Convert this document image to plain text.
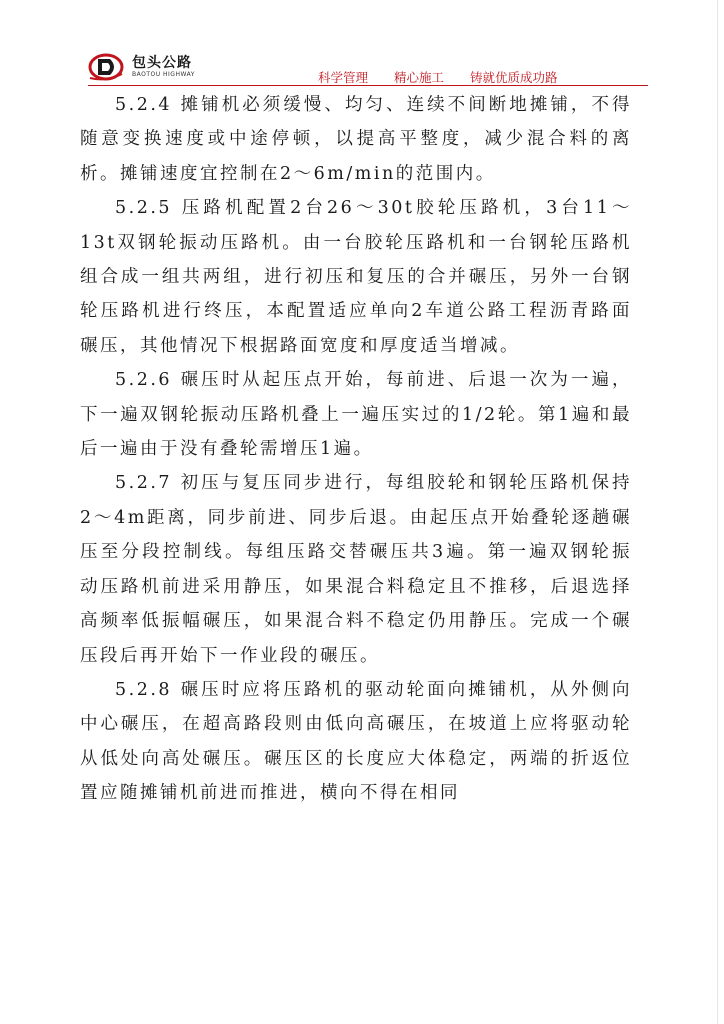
包头公路
BAOTOU HIGHWAY	科学管理 精心施工 铸就优质成功路

5.2.4 摊铺机必须缓慢、均匀、连续不间断地摊铺，不得随意变换速度或中途停顿，以提高平整度，减少混合料的离析。摊铺速度宜控制在2～6m/min的范围内。

5.2.5 压路机配置2台26～30t胶轮压路机，3台11～13t双钢轮振动压路机。由一台胶轮压路机和一台钢轮压路机组合成一组共两组，进行初压和复压的合并碾压，另外一台钢轮压路机进行终压，本配置适应单向2车道公路工程沥青路面碾压，其他情况下根据路面宽度和厚度适当增减。

5.2.6 碾压时从起压点开始，每前进、后退一次为一遍，下一遍双钢轮振动压路机叠上一遍压实过的1/2轮。第1遍和最后一遍由于没有叠轮需增压1遍。

5.2.7 初压与复压同步进行，每组胶轮和钢轮压路机保持2～4m距离，同步前进、同步后退。由起压点开始叠轮逐趟碾压至分段控制线。每组压路交替碾压共3遍。第一遍双钢轮振动压路机前进采用静压，如果混合料稳定且不推移，后退选择高频率低振幅碾压，如果混合料不稳定仍用静压。完成一个碾压段后再开始下一作业段的碾压。

5.2.8 碾压时应将压路机的驱动轮面向摊铺机，从外侧向中心碾压，在超高路段则由低向高碾压，在坡道上应将驱动轮从低处向高处碾压。碾压区的长度应大体稳定，两端的折返位置应随摊铺机前进而推进，横向不得在相同
